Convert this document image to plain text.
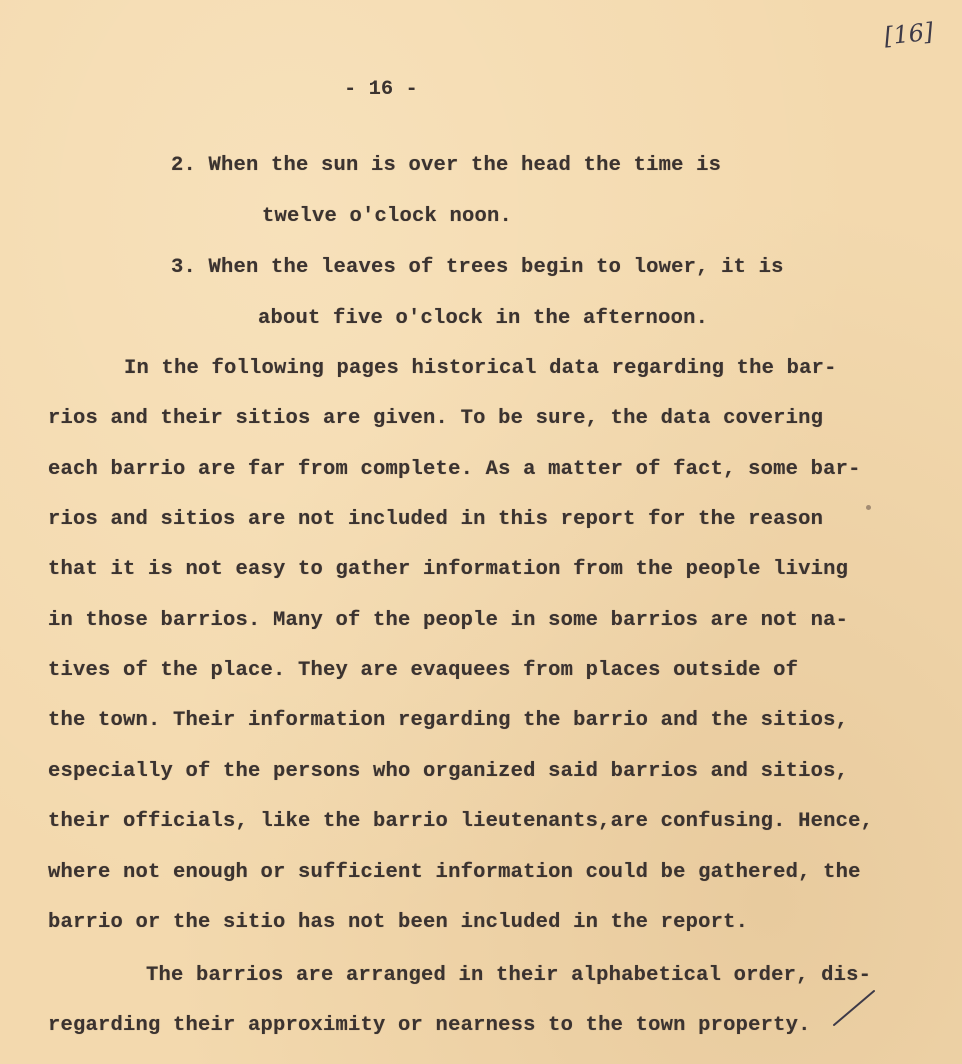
[16]
- 16 -
2. When the sun is over the head the time is
twelve o'clock noon.
3. When the leaves of trees begin to lower, it is
about five o'clock in the afternoon.
In the following pages historical data regarding the bar-
rios and their sitios are given. To be sure, the data covering
each barrio are far from complete. As a matter of fact, some bar-
rios and sitios are not included in this report for the reason
that it is not easy to gather information from the people living
in those barrios. Many of the people in some barrios are not na-
tives of the place. They are evaquees from places outside of
the town. Their information regarding the barrio and the sitios,
especially of the persons who organized said barrios and sitios,
their officials, like the barrio lieutenants,are confusing. Hence,
where not enough or sufficient information could be gathered, the
barrio or the sitio has not been included in the report.
The barrios are arranged in their alphabetical order, dis-
regarding their approximity or nearness to the town property.
